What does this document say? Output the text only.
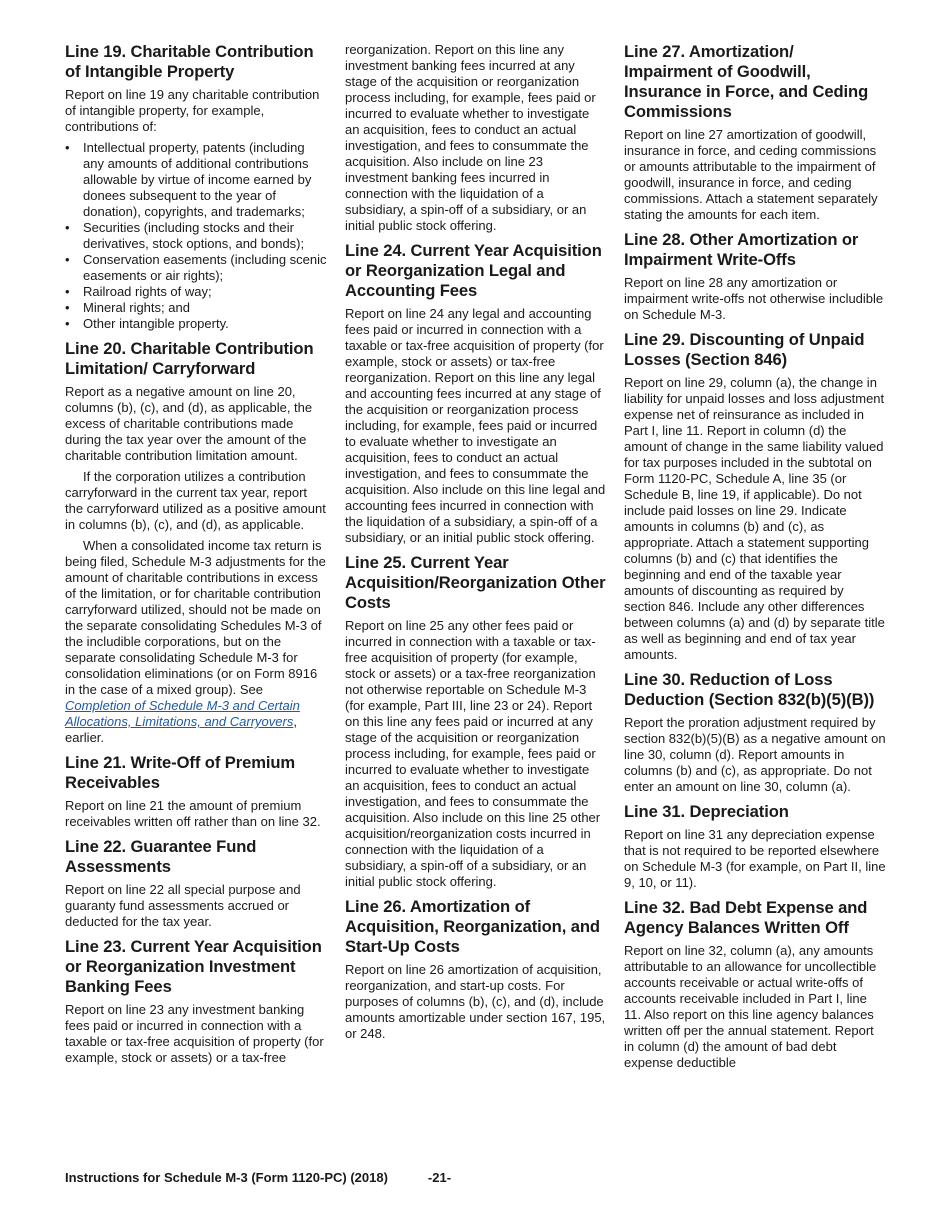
Line 19. Charitable Contribution of Intangible Property

Report on line 19 any charitable contribution of intangible property, for example, contributions of:

• Intellectual property, patents (including any amounts of additional contributions allowable by virtue of income earned by donees subsequent to the year of donation), copyrights, and trademarks;
• Securities (including stocks and their derivatives, stock options, and bonds);
• Conservation easements (including scenic easements or air rights);
• Railroad rights of way;
• Mineral rights; and
• Other intangible property.
Line 20. Charitable Contribution Limitation/ Carryforward

Report as a negative amount on line 20, columns (b), (c), and (d), as applicable, the excess of charitable contributions made during the tax year over the amount of the charitable contribution limitation amount.

If the corporation utilizes a contribution carryforward in the current tax year, report the carryforward utilized as a positive amount in columns (b), (c), and (d), as applicable.

When a consolidated income tax return is being filed, Schedule M-3 adjustments for the amount of charitable contributions in excess of the limitation, or for charitable contribution carryforward utilized, should not be made on the separate consolidating Schedules M-3 of the includible corporations, but on the separate consolidating Schedule M-3 for consolidation eliminations (or on Form 8916 in the case of a mixed group). See Completion of Schedule M-3 and Certain Allocations, Limitations, and Carryovers, earlier.

Line 21. Write-Off of Premium Receivables

Report on line 21 the amount of premium receivables written off rather than on line 32.

Line 22. Guarantee Fund Assessments

Report on line 22 all special purpose and guaranty fund assessments accrued or deducted for the tax year.

Line 23. Current Year Acquisition or Reorganization Investment Banking Fees

Report on line 23 any investment banking fees paid or incurred in connection with a taxable or tax-free acquisition of property (for example, stock or assets) or a tax-free

reorganization. Report on this line any investment banking fees incurred at any stage of the acquisition or reorganization process including, for example, fees paid or incurred to evaluate whether to investigate an acquisition, fees to conduct an actual investigation, and fees to consummate the acquisition. Also include on line 23 investment banking fees incurred in connection with the liquidation of a subsidiary, a spin-off of a subsidiary, or an initial public stock offering.

Line 24. Current Year Acquisition or Reorganization Legal and Accounting Fees

Report on line 24 any legal and accounting fees paid or incurred in connection with a taxable or tax-free acquisition of property (for example, stock or assets) or tax-free reorganization. Report on this line any legal and accounting fees incurred at any stage of the acquisition or reorganization process including, for example, fees paid or incurred to evaluate whether to investigate an acquisition, fees to conduct an actual investigation, and fees to consummate the acquisition. Also include on this line legal and accounting fees incurred in connection with the liquidation of a subsidiary, a spin-off of a subsidiary, or an initial public stock offering.

Line 25. Current Year Acquisition/Reorganization Other Costs

Report on line 25 any other fees paid or incurred in connection with a taxable or tax-free acquisition of property (for example, stock or assets) or a tax-free reorganization not otherwise reportable on Schedule M-3 (for example, Part III, line 23 or 24). Report on this line any fees paid or incurred at any stage of the acquisition or reorganization process including, for example, fees paid or incurred to evaluate whether to investigate an acquisition, fees to conduct an actual investigation, and fees to consummate the acquisition. Also include on this line 25 other acquisition/reorganization costs incurred in connection with the liquidation of a subsidiary, a spin-off of a subsidiary, or an initial public stock offering.

Line 26. Amortization of Acquisition, Reorganization, and Start-Up Costs

Report on line 26 amortization of acquisition, reorganization, and start-up costs. For purposes of columns (b), (c), and (d), include amounts amortizable under section 167, 195, or 248.

Line 27. Amortization/ Impairment of Goodwill, Insurance in Force, and Ceding Commissions

Report on line 27 amortization of goodwill, insurance in force, and ceding commissions or amounts attributable to the impairment of goodwill, insurance in force, and ceding commissions. Attach a statement separately stating the amounts for each item.

Line 28. Other Amortization or Impairment Write-Offs

Report on line 28 any amortization or impairment write-offs not otherwise includible on Schedule M-3.

Line 29. Discounting of Unpaid Losses (Section 846)

Report on line 29, column (a), the change in liability for unpaid losses and loss adjustment expense net of reinsurance as included in Part I, line 11. Report in column (d) the amount of change in the same liability valued for tax purposes included in the subtotal on Form 1120-PC, Schedule A, line 35 (or Schedule B, line 19, if applicable). Do not include paid losses on line 29. Indicate amounts in columns (b) and (c), as appropriate. Attach a statement supporting columns (b) and (c) that identifies the beginning and end of the taxable year amounts of discounting as required by section 846. Include any other differences between columns (a) and (d) by separate title as well as beginning and end of tax year amounts.

Line 30. Reduction of Loss Deduction (Section 832(b)(5)(B))

Report the proration adjustment required by section 832(b)(5)(B) as a negative amount on line 30, column (d). Report amounts in columns (b) and (c), as appropriate. Do not enter an amount on line 30, column (a).

Line 31. Depreciation

Report on line 31 any depreciation expense that is not required to be reported elsewhere on Schedule M-3 (for example, on Part II, line 9, 10, or 11).

Line 32. Bad Debt Expense and Agency Balances Written Off

Report on line 32, column (a), any amounts attributable to an allowance for uncollectible accounts receivable or actual write-offs of accounts receivable included in Part I, line 11. Also report on this line agency balances written off per the annual statement. Report in column (d) the amount of bad debt expense deductible

Instructions for Schedule M-3 (Form 1120-PC) (2018)	-21-
